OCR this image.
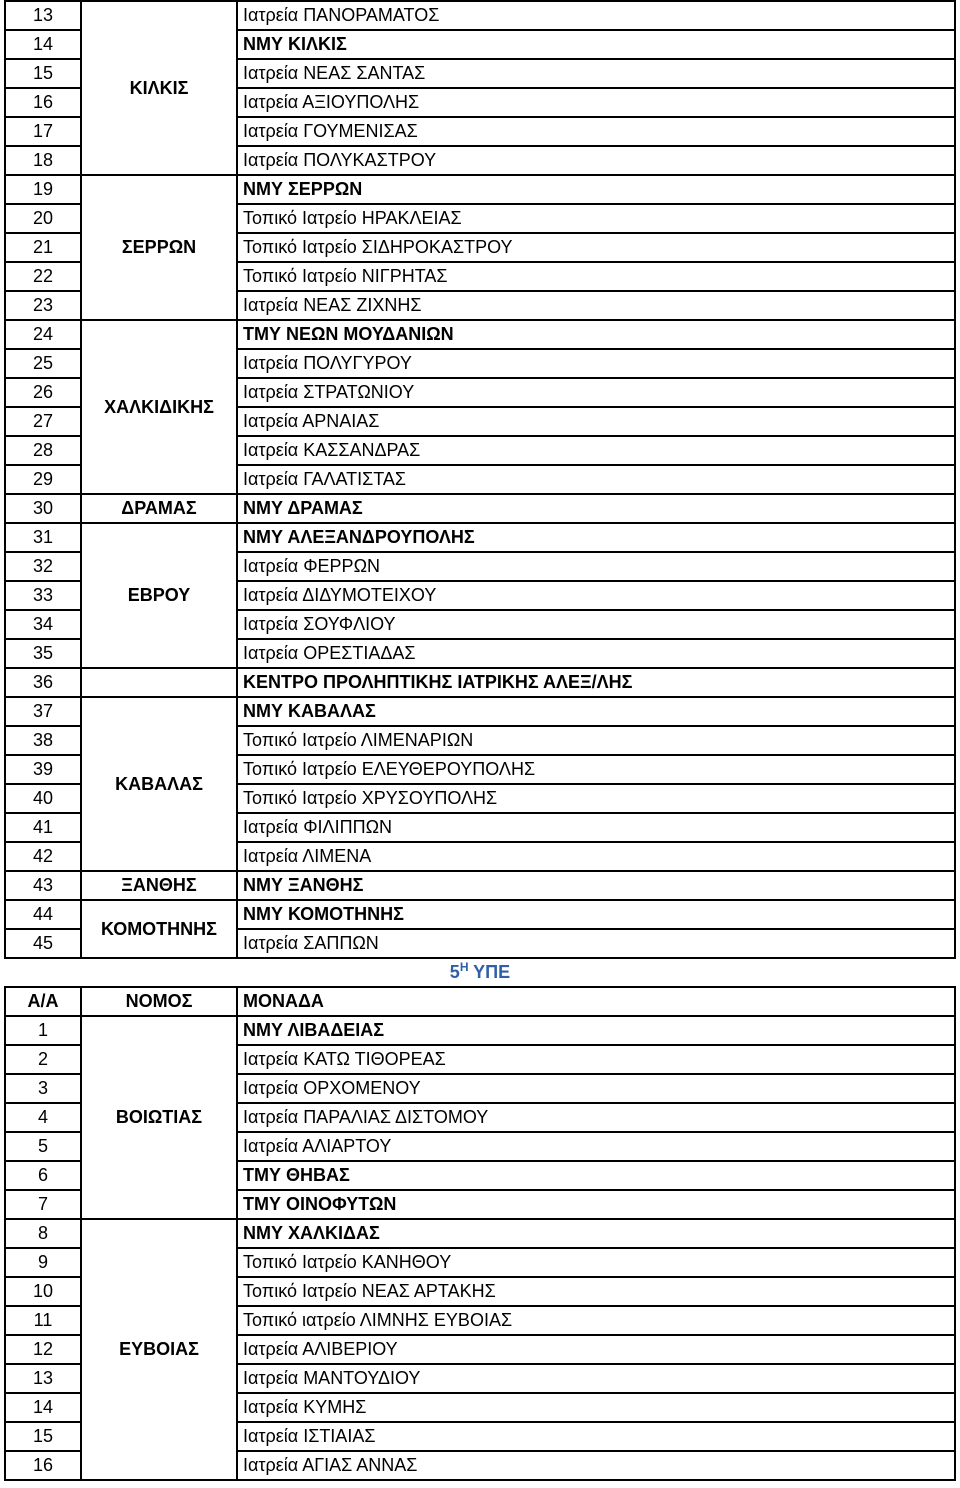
13	ΚΙΛΚΙΣ	Ιατρεία ΠΑΝΟΡΑΜΑΤΟΣ
14		ΝΜΥ ΚΙΛΚΙΣ
15		Ιατρεία ΝΕΑΣ ΣΑΝΤΑΣ
16		Ιατρεία ΑΞΙΟΥΠΟΛΗΣ
17		Ιατρεία ΓΟΥΜΕΝΙΣΑΣ
18		Ιατρεία ΠΟΛΥΚΑΣΤΡΟΥ
19	ΣΕΡΡΩΝ	ΝΜΥ ΣΕΡΡΩΝ
20		Τοπικό Ιατρείο ΗΡΑΚΛΕΙΑΣ
21		Τοπικό Ιατρείο ΣΙΔΗΡΟΚΑΣΤΡΟΥ
22		Τοπικό Ιατρείο ΝΙΓΡΗΤΑΣ
23		Ιατρεία ΝΕΑΣ ΖΙΧΝΗΣ
24	ΧΑΛΚΙΔΙΚΗΣ	ΤΜΥ ΝΕΩΝ ΜΟΥΔΑΝΙΩΝ
25		Ιατρεία ΠΟΛΥΓΥΡΟΥ
26		Ιατρεία ΣΤΡΑΤΩΝΙΟΥ
27		Ιατρεία ΑΡΝΑΙΑΣ
28		Ιατρεία ΚΑΣΣΑΝΔΡΑΣ
29		Ιατρεία ΓΑΛΑΤΙΣΤΑΣ
30	ΔΡΑΜΑΣ	ΝΜΥ ΔΡΑΜΑΣ
31	ΕΒΡΟΥ	ΝΜΥ ΑΛΕΞΑΝΔΡΟΥΠΟΛΗΣ
32		Ιατρεία ΦΕΡΡΩΝ
33		Ιατρεία ΔΙΔΥΜΟΤΕΙΧΟΥ
34		Ιατρεία ΣΟΥΦΛΙΟΥ
35		Ιατρεία ΟΡΕΣΤΙΑΔΑΣ
36		ΚΕΝΤΡΟ ΠΡΟΛΗΠΤΙΚΗΣ ΙΑΤΡΙΚΗΣ ΑΛΕΞ/ΛΗΣ
37	ΚΑΒΑΛΑΣ	ΝΜΥ ΚΑΒΑΛΑΣ
38		Τοπικό Ιατρείο ΛΙΜΕΝΑΡΙΩΝ
39		Τοπικό Ιατρείο ΕΛΕΥΘΕΡΟΥΠΟΛΗΣ
40		Τοπικό Ιατρείο ΧΡΥΣΟΥΠΟΛΗΣ
41		Ιατρεία ΦΙΛΙΠΠΩΝ
42		Ιατρεία ΛΙΜΕΝΑ
43	ΞΑΝΘΗΣ	ΝΜΥ ΞΑΝΘΗΣ
44	ΚΟΜΟΤΗΝΗΣ	ΝΜΥ ΚΟΜΟΤΗΝΗΣ
45		Ιατρεία ΣΑΠΠΩΝ
$5^H$ ΥΠΕ		
Α/Α	ΝΟΜΟΣ	ΜΟΝΑΔΑ
1	ΒΟΙΩΤΙΑΣ	ΝΜΥ ΛΙΒΑΔΕΙΑΣ
2		Ιατρεία ΚΑΤΩ ΤΙΘΟΡΕΑΣ
3		Ιατρεία ΟΡΧΟΜΕΝΟΥ
4		Ιατρεία ΠΑΡΑΛΙΑΣ ΔΙΣΤΟΜΟΥ
5		Ιατρεία ΑΛΙΑΡΤΟΥ
6		ΤΜΥ ΘΗΒΑΣ
7		ΤΜΥ ΟΙΝΟΦΥΤΩΝ
8	ΕΥΒΟΙΑΣ	ΝΜΥ ΧΑΛΚΙΔΑΣ
9		Τοπικό Ιατρείο ΚΑΝΗΘΟΥ
10		Τοπικό Ιατρείο ΝΕΑΣ ΑΡΤΑΚΗΣ
11		Τοπικό ιατρείο ΛΙΜΝΗΣ ΕΥΒΟΙΑΣ
12		Ιατρεία ΑΛΙΒΕΡΙΟΥ
13		Ιατρεία ΜΑΝΤΟΥΔΙΟΥ
14		Ιατρεία ΚΥΜΗΣ
15		Ιατρεία ΙΣΤΙΑΙΑΣ
16		Ιατρεία ΑΓΙΑΣ ΑΝΝΑΣ
